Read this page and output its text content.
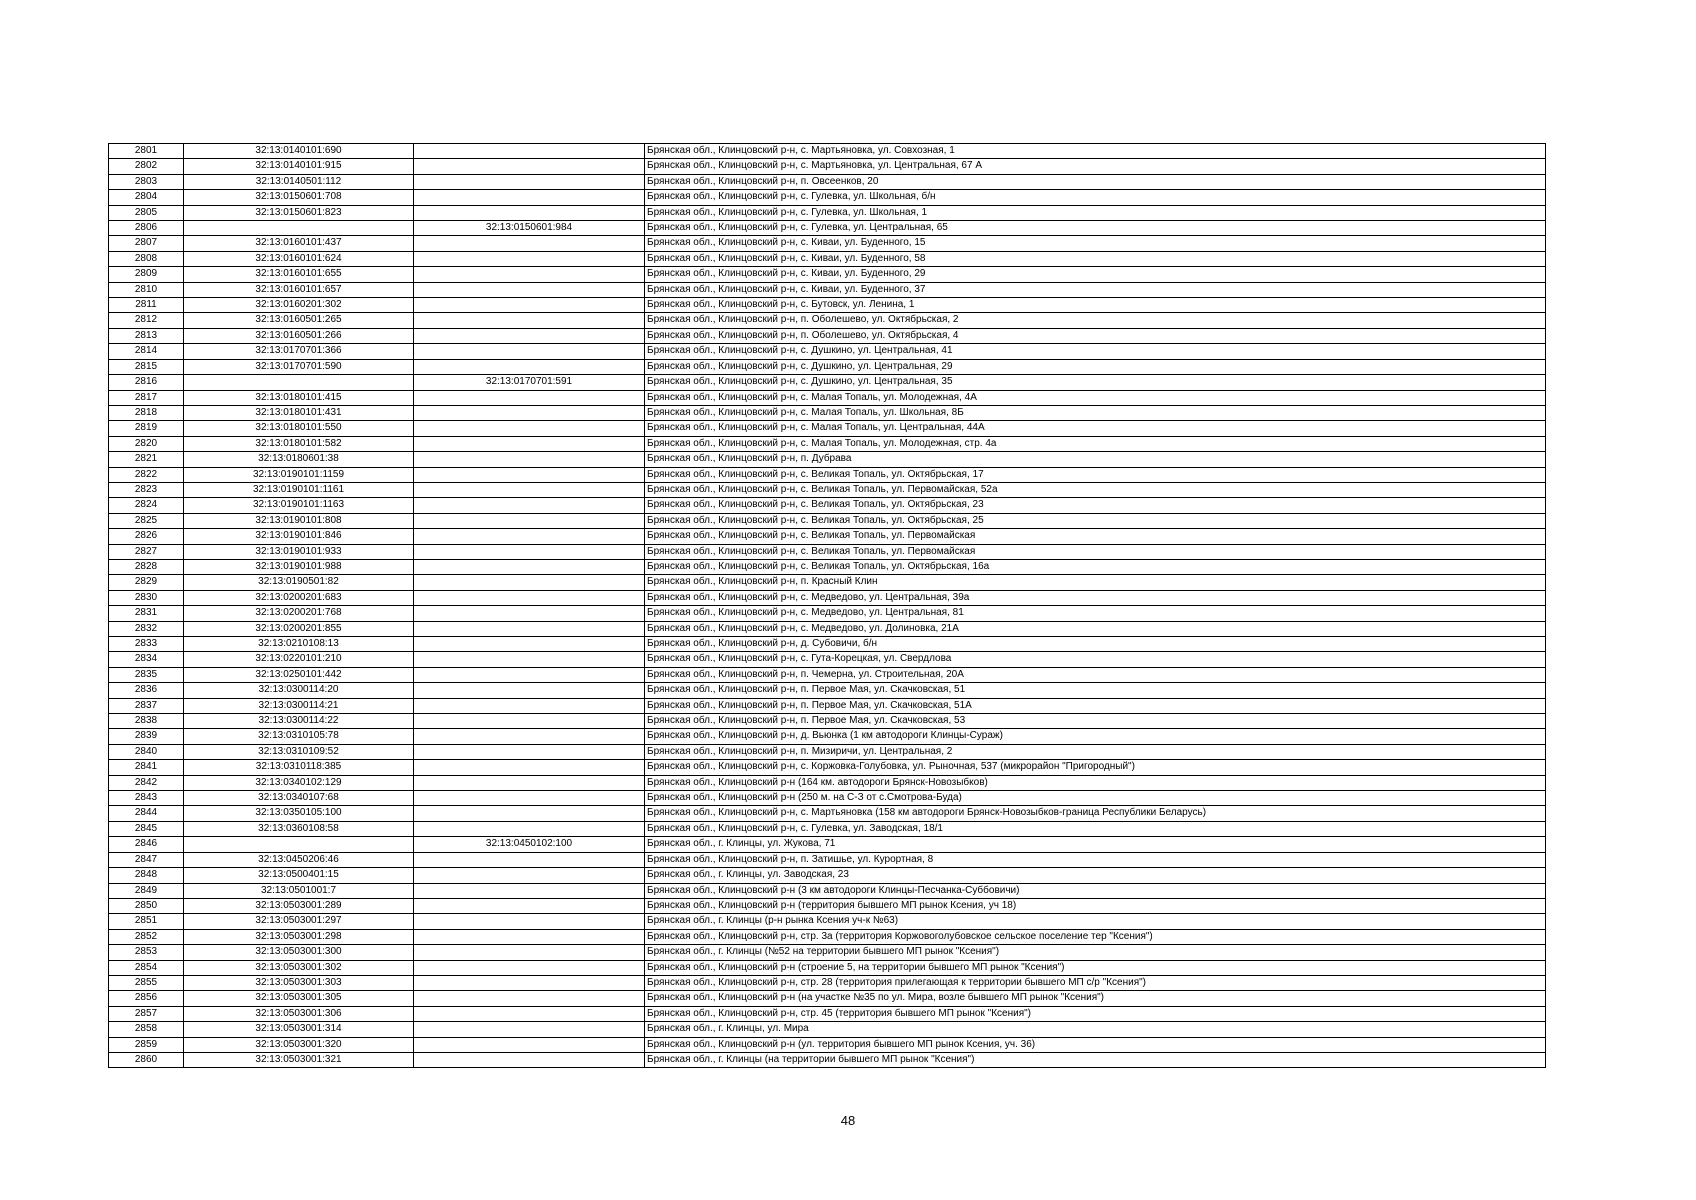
2801	32:13:0140101:690		Брянская обл., Клинцовский р-н, с. Мартьяновка, ул. Совхозная, 1
2802	32:13:0140101:915		Брянская обл., Клинцовский р-н, с. Мартьяновка, ул. Центральная, 67 А
2803	32:13:0140501:112		Брянская обл., Клинцовский р-н, п. Овсеенков, 20
2804	32:13:0150601:708		Брянская обл., Клинцовский р-н, с. Гулевка, ул. Школьная, б/н
2805	32:13:0150601:823		Брянская обл., Клинцовский р-н, с. Гулевка, ул. Школьная, 1
2806		32:13:0150601:984	Брянская обл., Клинцовский р-н, с. Гулевка, ул. Центральная, 65
2807	32:13:0160101:437		Брянская обл., Клинцовский р-н, с. Киваи, ул. Буденного, 15
2808	32:13:0160101:624		Брянская обл., Клинцовский р-н, с. Киваи, ул. Буденного, 58
2809	32:13:0160101:655		Брянская обл., Клинцовский р-н, с. Киваи, ул. Буденного, 29
2810	32:13:0160101:657		Брянская обл., Клинцовский р-н, с. Киваи, ул. Буденного, 37
2811	32:13:0160201:302		Брянская обл., Клинцовский р-н, с. Бутовск, ул. Ленина, 1
2812	32:13:0160501:265		Брянская обл., Клинцовский р-н, п. Оболешево, ул. Октябрьская, 2
2813	32:13:0160501:266		Брянская обл., Клинцовский р-н, п. Оболешево, ул. Октябрьская, 4
2814	32:13:0170701:366		Брянская обл., Клинцовский р-н, с. Душкино, ул. Центральная, 41
2815	32:13:0170701:590		Брянская обл., Клинцовский р-н, с. Душкино, ул. Центральная, 29
2816		32:13:0170701:591	Брянская обл., Клинцовский р-н, с. Душкино, ул. Центральная, 35
2817	32:13:0180101:415		Брянская обл., Клинцовский р-н, с. Малая Топаль, ул. Молодежная, 4А
2818	32:13:0180101:431		Брянская обл., Клинцовский р-н, с. Малая Топаль, ул. Школьная, 8Б
2819	32:13:0180101:550		Брянская обл., Клинцовский р-н, с. Малая Топаль, ул. Центральная, 44А
2820	32:13:0180101:582		Брянская обл., Клинцовский р-н, с. Малая Топаль, ул. Молодежная, стр. 4а
2821	32:13:0180601:38		Брянская обл., Клинцовский р-н, п. Дубрава
2822	32:13:0190101:1159		Брянская обл., Клинцовский р-н, с. Великая Топаль, ул. Октябрьская, 17
2823	32:13:0190101:1161		Брянская обл., Клинцовский р-н, с. Великая Топаль, ул. Первомайская, 52а
2824	32:13:0190101:1163		Брянская обл., Клинцовский р-н, с. Великая Топаль, ул. Октябрьская, 23
2825	32:13:0190101:808		Брянская обл., Клинцовский р-н, с. Великая Топаль, ул. Октябрьская, 25
2826	32:13:0190101:846		Брянская обл., Клинцовский р-н, с. Великая Топаль, ул. Первомайская
2827	32:13:0190101:933		Брянская обл., Клинцовский р-н, с. Великая Топаль, ул. Первомайская
2828	32:13:0190101:988		Брянская обл., Клинцовский р-н, с. Великая Топаль, ул. Октябрьская, 16а
2829	32:13:0190501:82		Брянская обл., Клинцовский р-н, п. Красный Клин
2830	32:13:0200201:683		Брянская обл., Клинцовский р-н, с. Медведово, ул. Центральная, 39а
2831	32:13:0200201:768		Брянская обл., Клинцовский р-н, с. Медведово, ул. Центральная, 81
2832	32:13:0200201:855		Брянская обл., Клинцовский р-н, с. Медведово, ул. Долиновка, 21А
2833	32:13:0210108:13		Брянская обл., Клинцовский р-н, д. Субовичи, б/н
2834	32:13:0220101:210		Брянская обл., Клинцовский р-н, с. Гута-Корецкая, ул. Свердлова
2835	32:13:0250101:442		Брянская обл., Клинцовский р-н, п. Чемерна, ул. Строительная, 20А
2836	32:13:0300114:20		Брянская обл., Клинцовский р-н, п. Первое Мая, ул. Скачковская, 51
2837	32:13:0300114:21		Брянская обл., Клинцовский р-н, п. Первое Мая, ул. Скачковская, 51А
2838	32:13:0300114:22		Брянская обл., Клинцовский р-н, п. Первое Мая, ул. Скачковская, 53
2839	32:13:0310105:78		Брянская обл., Клинцовский р-н, д. Вьюнка (1 км автодороги Клинцы-Сураж)
2840	32:13:0310109:52		Брянская обл., Клинцовский р-н, п. Мизиричи, ул. Центральная, 2
2841	32:13:0310118:385		Брянская обл., Клинцовский р-н, с. Коржовка-Голубовка, ул. Рыночная, 537 (микрорайон "Пригородный")
2842	32:13:0340102:129		Брянская обл., Клинцовский р-н (164 км. автодороги Брянск-Новозыбков)
2843	32:13:0340107:68		Брянская обл., Клинцовский р-н (250 м. на С-З от с.Смотрова-Буда)
2844	32:13:0350105:100		Брянская обл., Клинцовский р-н, с. Мартьяновка (158 км автодороги Брянск-Новозыбков-граница Республики Беларусь)
2845	32:13:0360108:58		Брянская обл., Клинцовский р-н, с. Гулевка, ул. Заводская, 18/1
2846		32:13:0450102:100	Брянская обл., г. Клинцы, ул. Жукова, 71
2847	32:13:0450206:46		Брянская обл., Клинцовский р-н, п. Затишье, ул. Курортная, 8
2848	32:13:0500401:15		Брянская обл., г. Клинцы, ул. Заводская, 23
2849	32:13:0501001:7		Брянская обл., Клинцовский р-н (3 км автодороги Клинцы-Песчанка-Суббовичи)
2850	32:13:0503001:289		Брянская обл., Клинцовский р-н (территория бывшего МП рынок Ксения, уч 18)
2851	32:13:0503001:297		Брянская обл., г. Клинцы (р-н рынка Ксения уч-к №63)
2852	32:13:0503001:298		Брянская обл., Клинцовский р-н, стр. 3а (территория Коржовоголубовское сельское поселение тер "Ксения")
2853	32:13:0503001:300		Брянская обл., г. Клинцы (№52 на территории бывшего МП рынок "Ксения")
2854	32:13:0503001:302		Брянская обл., Клинцовский р-н (строение 5, на территории бывшего МП рынок "Ксения")
2855	32:13:0503001:303		Брянская обл., Клинцовский р-н, стр. 28 (территория прилегающая к территории бывшего МП с/р "Ксения")
2856	32:13:0503001:305		Брянская обл., Клинцовский р-н (на участке №35 по ул. Мира, возле бывшего МП рынок "Ксения")
2857	32:13:0503001:306		Брянская обл., Клинцовский р-н, стр. 45 (территория бывшего МП рынок "Ксения")
2858	32:13:0503001:314		Брянская обл., г. Клинцы, ул. Мира
2859	32:13:0503001:320		Брянская обл., Клинцовский р-н (ул. территория бывшего МП рынок Ксения, уч. 36)
2860	32:13:0503001:321		Брянская обл., г. Клинцы (на территории бывшего МП рынок "Ксения")
48
